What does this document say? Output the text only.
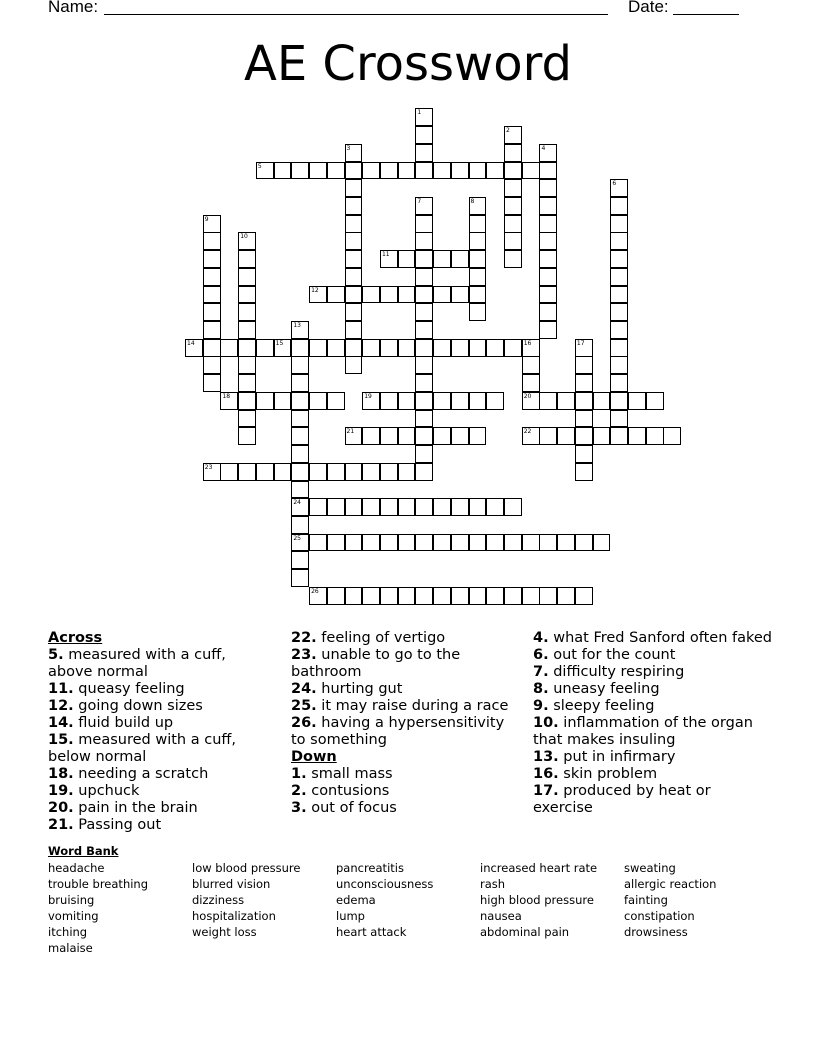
Name:	Date:
AE Crossword
1
2
3	4
5
6
7	8
9
10
11
12
13
24
25
14	15	16	17
18	19	20
21	22
23
26
Across
5. measured with a cuff, above normal
11. queasy feeling
12. going down sizes
14. fluid build up
15. measured with a cuff, below normal
18. needing a scratch
19. upchuck
20. pain in the brain
21. Passing out
22. feeling of vertigo
23. unable to go to the bathroom
24. hurting gut
25. it may raise during a race
26. having a hypersensitivity to something
Down
1. small mass
2. contusions
3. out of focus
4. what Fred Sanford often faked
6. out for the count
7. difficulty respiring
8. uneasy feeling
9. sleepy feeling
10. inflammation of the organ that makes insuling
13. put in infirmary
16. skin problem
17. produced by heat or exercise
Word Bank
headache
trouble breathing
bruising
vomiting
itching
malaise
low blood pressure
blurred vision
dizziness
hospitalization
weight loss
pancreatitis
unconsciousness
edema
lump
heart attack
increased heart rate
rash
high blood pressure
nausea
abdominal pain
sweating
allergic reaction
fainting
constipation
drowsiness
